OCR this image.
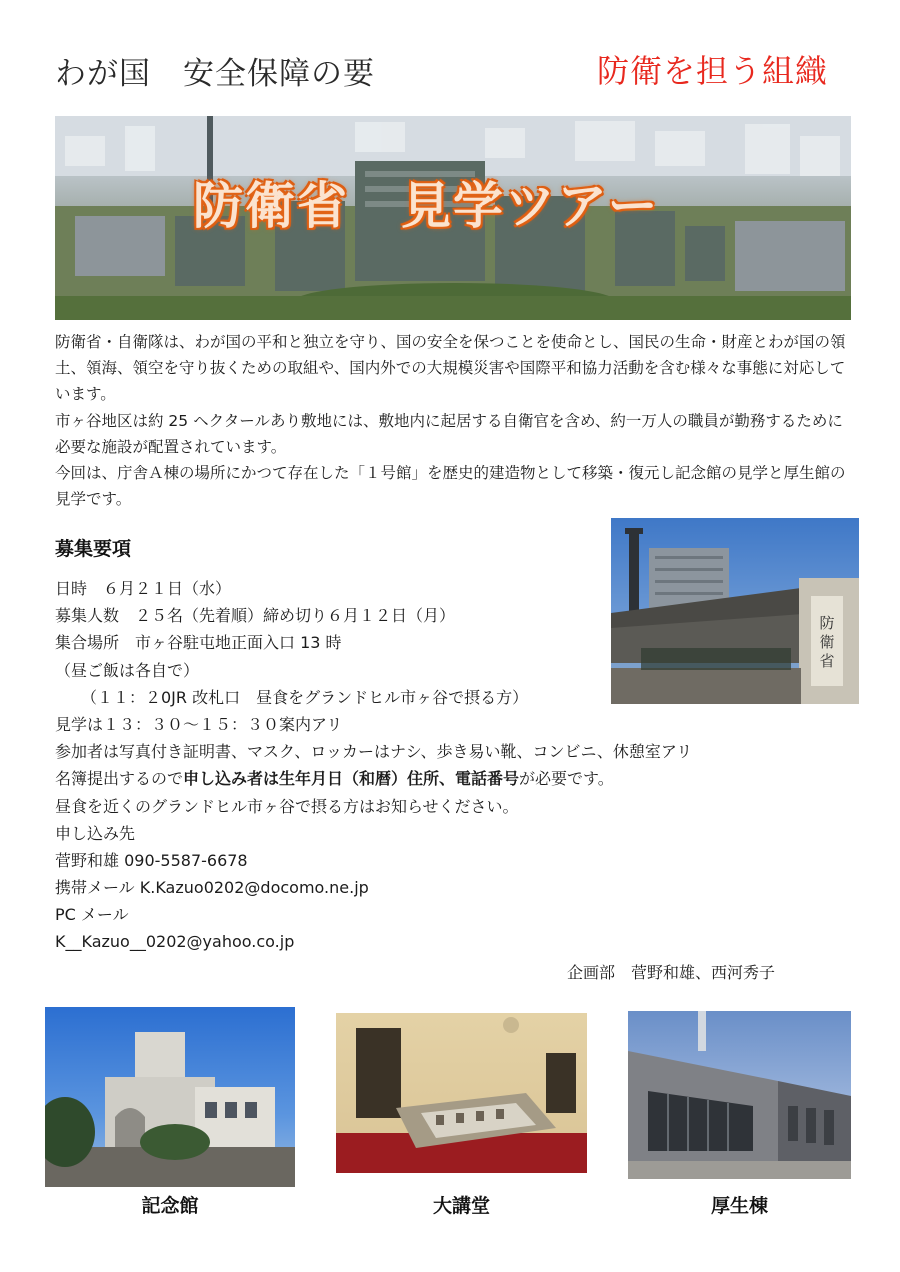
わが国　安全保障の要	防衛を担う組織
防衛省　見学ツアー

防衛省・自衛隊は、わが国の平和と独立を守り、国の安全を保つことを使命とし、国民の生命・財産とわが国の領土、領海、領空を守り抜くための取組や、国内外での大規模災害や国際平和協力活動を含む様々な事態に対応しています。

市ヶ谷地区は約 25 ヘクタールあり敷地には、敷地内に起居する自衛官を含め、約一万人の職員が勤務するために必要な施設が配置されています。

今回は、庁舎Ａ棟の場所にかつて存在した「１号館」を歴史的建造物として移築・復元し記念館の見学と厚生館の見学です。

募集要項
防衛省
日時　６月２１日（水）
募集人数　２５名（先着順）締め切り６月１２日（月）
集合場所　市ヶ谷駐屯地正面入口 13 時
（昼ご飯は各自で）
（１１：２0JR 改札口　昼食をグランドヒル市ヶ谷で摂る方）
見学は１３：３０～１５：３０案内アリ
参加者は写真付き証明書、マスク、ロッカーはナシ、歩き易い靴、コンビニ、休憩室アリ
名簿提出するので申し込み者は生年月日（和暦）住所、電話番号が必要です。
昼食を近くのグランドヒル市ヶ谷で摂る方はお知らせください。
申し込み先
菅野和雄 090-5587-6678
携帯メール K.Kazuo0202@docomo.ne.jp
PC メール
K__Kazuo__0202@yahoo.co.jp
企画部　菅野和雄、西河秀子
記念館	大講堂	厚生棟
